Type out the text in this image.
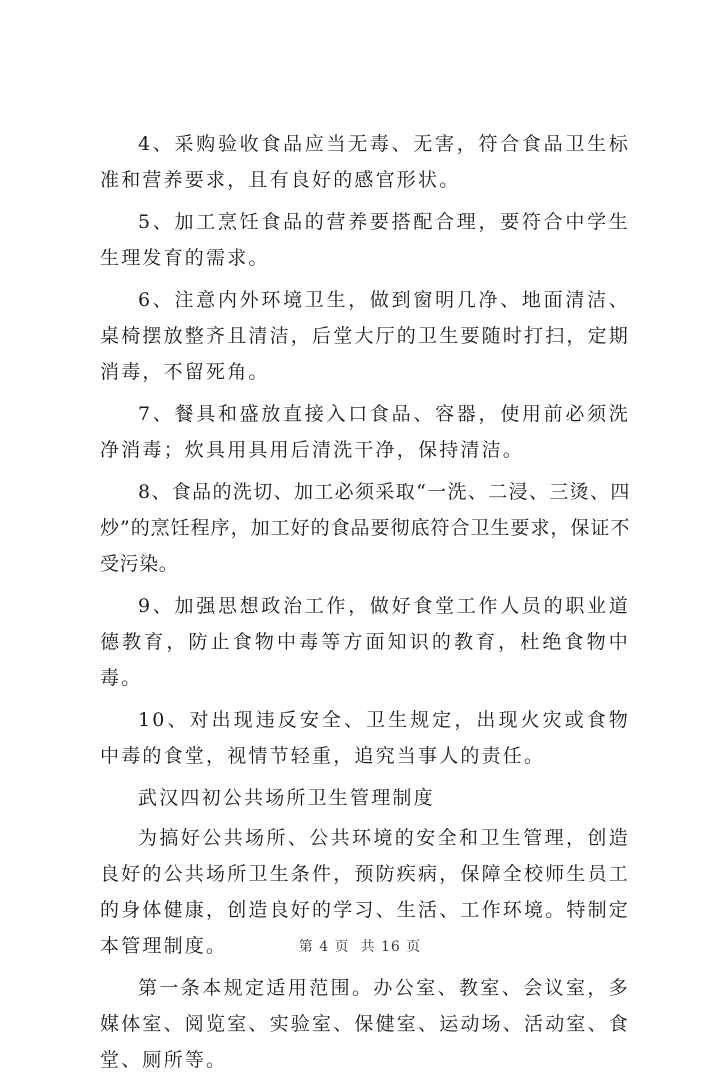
4、采购验收食品应当无毒、无害，符合食品卫生标准和营养要求，且有良好的感官形状。

5、加工烹饪食品的营养要搭配合理，要符合中学生生理发育的需求。

6、注意内外环境卫生，做到窗明几净、地面清洁、桌椅摆放整齐且清洁，后堂大厅的卫生要随时打扫，定期消毒，不留死角。

7、餐具和盛放直接入口食品、容器，使用前必须洗净消毒；炊具用具用后清洗干净，保持清洁。

8、食品的洗切、加工必须采取“一洗、二浸、三烫、四炒”的烹饪程序，加工好的食品要彻底符合卫生要求，保证不受污染。

9、加强思想政治工作，做好食堂工作人员的职业道德教育，防止食物中毒等方面知识的教育，杜绝食物中毒。

10、对出现违反安全、卫生规定，出现火灾或食物中毒的食堂，视情节轻重，追究当事人的责任。

武汉四初公共场所卫生管理制度

为搞好公共场所、公共环境的安全和卫生管理，创造良好的公共场所卫生条件，预防疾病，保障全校师生员工的身体健康，创造良好的学习、生活、工作环境。特制定本管理制度。

第一条本规定适用范围。办公室、教室、会议室，多媒体室、阅览室、实验室、保健室、运动场、活动室、食堂、厕所等。

第 4 页  共 16 页
